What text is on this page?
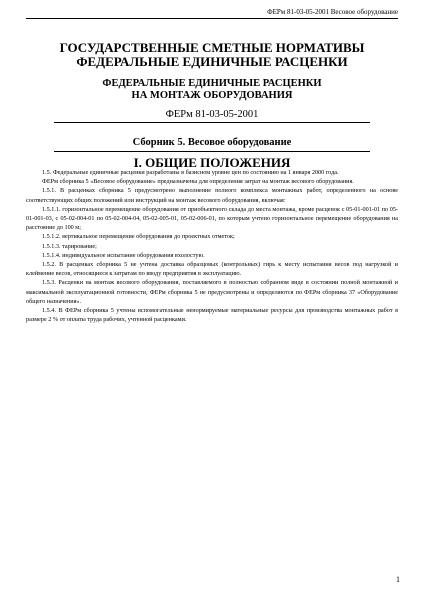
ФЕРм 81-03-05-2001 Весовое оборудование
ГОСУДАРСТВЕННЫЕ СМЕТНЫЕ НОРМАТИВЫ
ФЕДЕРАЛЬНЫЕ ЕДИНИЧНЫЕ РАСЦЕНКИ
ФЕДЕРАЛЬНЫЕ ЕДИНИЧНЫЕ РАСЦЕНКИ
НА МОНТАЖ ОБОРУДОВАНИЯ
ФЕРм 81-03-05-2001
Сборник 5. Весовое оборудование
I. ОБЩИЕ ПОЛОЖЕНИЯ

1.5. Федеральные единичные расценки разработаны в базисном уровне цен по состоянию на 1 января 2000 года.

ФЕРм сборника 5 «Весовое оборудование» предназначены для определения затрат на монтаж весового оборудования.

1.5.1. В расценках сборника 5 предусмотрено выполнение полного комплекса монтажных работ, определенного на основе соответствующих общих положений или инструкций на монтаж весового оборудования, включая:

1.5.1.1. горизонтальное перемещение оборудования от приобъектного склада до места монтажа, кроме расценок с 05-01-001-01 по 05-01-001-03, с 05-02-004-01 по 05-02-004-04, 05-02-005-01, 05-02-006-01, по которым учтено горизонтальное перемещение оборудования на расстояние до 100 м;

1.5.1.2. вертикальное перемещение оборудования до проектных отметок;

1.5.1.3. тарирование;

1.5.1.4. индивидуальное испытание оборудования вхолостую.

1.5.2. В расценках сборника 5 не учтена доставка образцовых (контрольных) гирь к месту испытания весов под нагрузкой и клеймение весов, относящиеся к затратам по вводу предприятия в эксплуатацию.

1.5.3. Расценки на монтаж весового оборудования, поставляемого в полностью собранном виде в состоянии полной монтажной и максимальной эксплуатационной готовности, ФЕРм сборника 5 не предусмотрены и определяются по ФЕРм сборника 37 «Оборудование общего назначения».

1.5.4. В ФЕРм сборника 5 учтены вспомогательные ненормируемые материальные ресурсы для производства монтажных работ в размере 2 % от оплаты труда рабочих, учтенной расценками.

1
